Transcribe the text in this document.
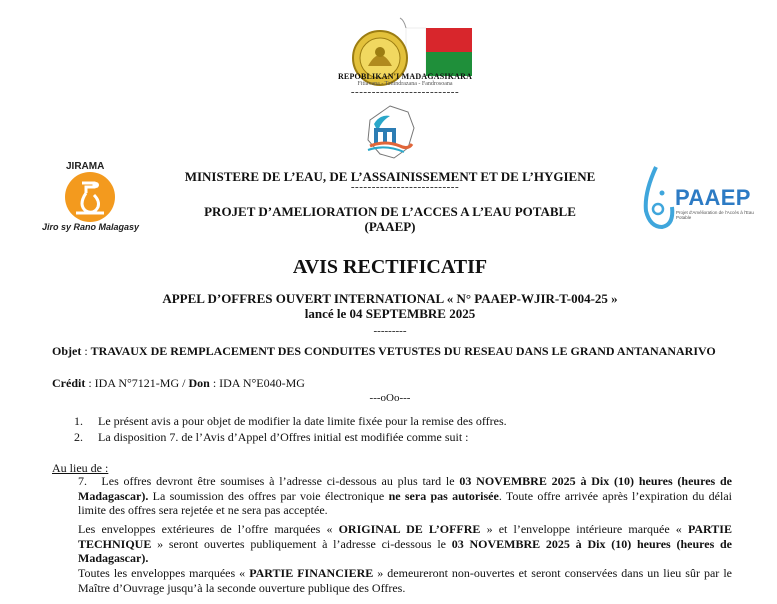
REPOBLIKAN'I MADAGASIKARA
Fitiavana - Tanindrazana - Fandrosoana
--------------------------
JIRAMA
Jiro sy Rano Malagasy
PAAEP
Projet d'Amélioration de l'Accès à l'Eau Potable
MINISTERE DE L’EAU, DE L’ASSAINISSEMENT ET DE L’HYGIENE
--------------------------
PROJET D’AMELIORATION DE L’ACCES A L’EAU POTABLE
(PAAEP)
AVIS RECTIFICATIF
APPEL D’OFFRES OUVERT INTERNATIONAL « N° PAAEP-WJIR-T-004-25 »
lancé le 04 SEPTEMBRE 2025
---------
Objet : TRAVAUX DE REMPLACEMENT DES CONDUITES VETUSTES DU RESEAU DANS LE GRAND ANTANANARIVO
Crédit : IDA N°7121-MG / Don : IDA N°E040-MG
---oOo---
1. Le présent avis a pour objet de modifier la date limite fixée pour la remise des offres.
2. La disposition 7. de l’Avis d’Appel d’Offres initial est modifiée comme suit :
Au lieu de :
7. Les offres devront être soumises à l’adresse ci-dessous au plus tard le 03 NOVEMBRE 2025 à Dix (10) heures (heures de Madagascar). La soumission des offres par voie électronique ne sera pas autorisée. Toute offre arrivée après l’expiration du délai limite des offres sera rejetée et ne sera pas acceptée.
Les enveloppes extérieures de l’offre marquées « ORIGINAL DE L’OFFRE » et l’enveloppe intérieure marquée « PARTIE TECHNIQUE » seront ouvertes publiquement à l’adresse ci-dessous le 03 NOVEMBRE 2025 à Dix (10) heures (heures de Madagascar).
Toutes les enveloppes marquées « PARTIE FINANCIERE » demeureront non-ouvertes et seront conservées dans un lieu sûr par le Maître d’Ouvrage jusqu’à la seconde ouverture publique des Offres.
